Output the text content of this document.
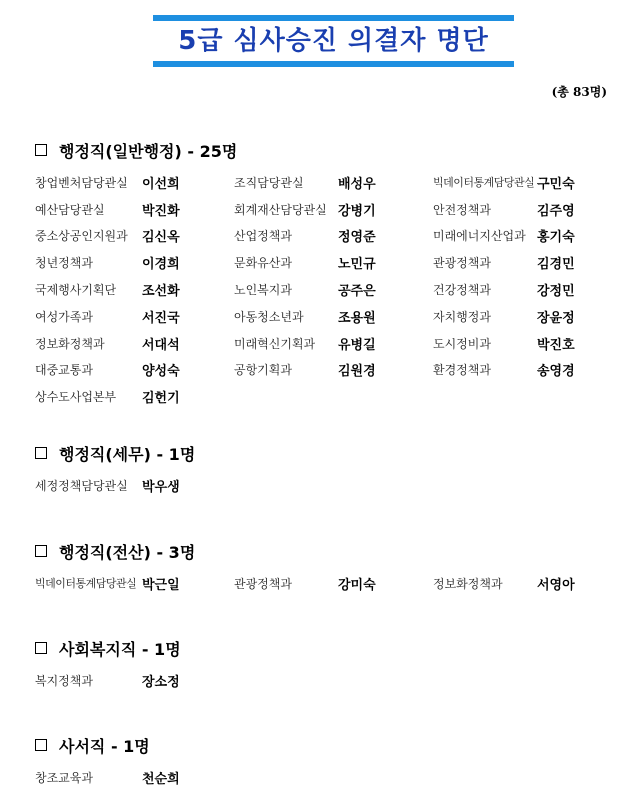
5급 심사승진 의결자 명단
(총 83명)
행정직(일반행정) - 25명
창업벤처담당관실	이선희	조직담당관실	배성우	빅데이터통계담당관실 구민숙
예산담당관실	박진화	회계재산담당관실 강병기	안전정책과	김주영
중소상공인지원과	김신옥	산업정책과	정영준	미래에너지산업과 홍기숙
청년정책과	이경희	문화유산과	노민규	관광정책과	김경민
국제행사기획단	조선화	노인복지과	공주은	건강정책과	강정민
여성가족과	서진국	아동청소년과	조용원	자치행정과	장윤정
정보화정책과	서대석	미래혁신기획과	유병길	도시정비과	박진호
대중교통과	양성숙	공항기획과	김원경	환경정책과	송영경
상수도사업본부	김헌기
행정직(세무) - 1명
세정정책담당관실	박우생
행정직(전산) - 3명
빅데이터통계담당관실 박근일	관광정책과	강미숙	정보화정책과	서영아
사회복지직 - 1명
복지정책과	장소정
사서직 - 1명
창조교육과	천순희
